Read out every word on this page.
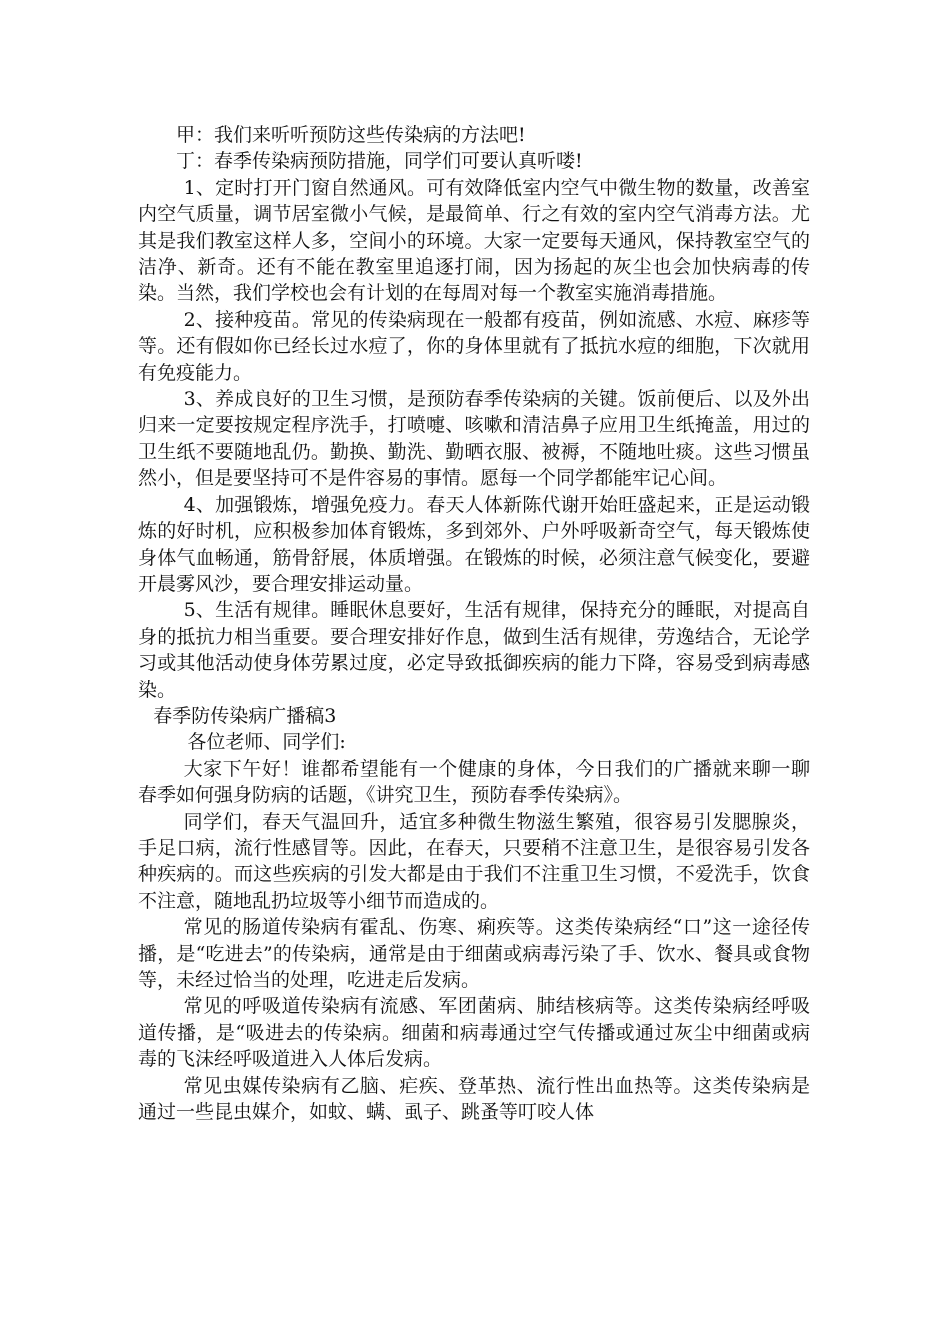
甲：我们来听听预防这些传染病的方法吧!

丁：春季传染病预防措施，同学们可要认真听喽!

1、定时打开门窗自然通风。可有效降低室内空气中微生物的数量，改善室内空气质量，调节居室微小气候，是最简单、行之有效的室内空气消毒方法。尤其是我们教室这样人多，空间小的环境。大家一定要每天通风，保持教室空气的洁净、新奇。还有不能在教室里追逐打闹，因为扬起的灰尘也会加快病毒的传染。当然，我们学校也会有计划的在每周对每一个教室实施消毒措施。

2、接种疫苗。常见的传染病现在一般都有疫苗，例如流感、水痘、麻疹等等。还有假如你已经长过水痘了，你的身体里就有了抵抗水痘的细胞，下次就用有免疫能力。

3、养成良好的卫生习惯，是预防春季传染病的关键。饭前便后、以及外出归来一定要按规定程序洗手，打喷嚏、咳嗽和清洁鼻子应用卫生纸掩盖，用过的卫生纸不要随地乱仍。勤换、勤洗、勤晒衣服、被褥，不随地吐痰。这些习惯虽然小，但是要坚持可不是件容易的事情。愿每一个同学都能牢记心间。

4、加强锻炼，增强免疫力。春天人体新陈代谢开始旺盛起来，正是运动锻炼的好时机，应积极参加体育锻炼，多到郊外、户外呼吸新奇空气，每天锻炼使身体气血畅通，筋骨舒展，体质增强。在锻炼的时候，必须注意气候变化，要避开晨雾风沙，要合理安排运动量。

5、生活有规律。睡眠休息要好，生活有规律，保持充分的睡眠，对提高自身的抵抗力相当重要。要合理安排好作息，做到生活有规律，劳逸结合，无论学习或其他活动使身体劳累过度，必定导致抵御疾病的能力下降，容易受到病毒感染。

春季防传染病广播稿3

各位老师、同学们:

大家下午好！谁都希望能有一个健康的身体，今日我们的广播就来聊一聊春季如何强身防病的话题，《讲究卫生，预防春季传染病》。

同学们，春天气温回升，适宜多种微生物滋生繁殖，很容易引发腮腺炎，手足口病，流行性感冒等。因此，在春天，只要稍不注意卫生，是很容易引发各种疾病的。而这些疾病的引发大都是由于我们不注重卫生习惯，不爱洗手，饮食不注意，随地乱扔垃圾等小细节而造成的。

常见的肠道传染病有霍乱、伤寒、痢疾等。这类传染病经“口”这一途径传播，是“吃进去”的传染病，通常是由于细菌或病毒污染了手、饮水、餐具或食物等，未经过恰当的处理，吃进走后发病。

常见的呼吸道传染病有流感、军团菌病、肺结核病等。这类传染病经呼吸道传播，是“吸进去的传染病。细菌和病毒通过空气传播或通过灰尘中细菌或病毒的飞沫经呼吸道进入人体后发病。

常见虫媒传染病有乙脑、疟疾、登革热、流行性出血热等。这类传染病是通过一些昆虫媒介，如蚊、螨、虱子、跳蚤等叮咬人体
